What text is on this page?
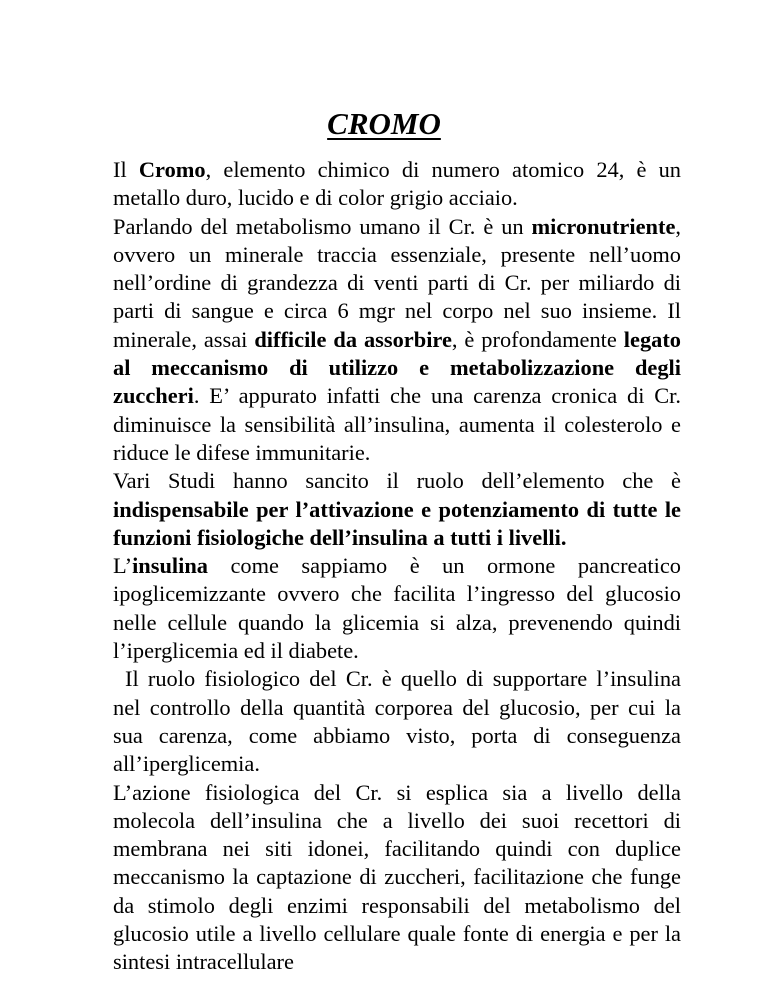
CROMO

Il Cromo, elemento chimico di numero atomico 24, è un metallo duro, lucido e di color grigio acciaio.

Parlando del metabolismo umano il Cr. è un micronutriente, ovvero un minerale traccia essenziale, presente nell’uomo nell’ordine di grandezza di venti parti di Cr. per miliardo di parti di sangue e circa 6 mgr nel corpo nel suo insieme. Il minerale, assai difficile da assorbire, è profondamente legato al meccanismo di utilizzo e metabolizzazione degli zuccheri. E’ appurato infatti che una carenza cronica di Cr. diminuisce la sensibilità all’insulina, aumenta il colesterolo e riduce le difese immunitarie.

Vari Studi hanno sancito il ruolo dell’elemento che è indispensabile per l’attivazione e potenziamento di tutte le funzioni fisiologiche dell’insulina a tutti i livelli.

L’insulina come sappiamo è un ormone pancreatico ipoglicemizzante ovvero che facilita l’ingresso del glucosio nelle cellule quando la glicemia si alza, prevenendo quindi l’iperglicemia ed il diabete.

Il ruolo fisiologico del Cr. è quello di supportare l’insulina nel controllo della quantità corporea del glucosio, per cui la sua carenza, come abbiamo visto, porta di conseguenza all’iperglicemia.

L’azione fisiologica del Cr. si esplica sia a livello della molecola dell’insulina che a livello dei suoi recettori di membrana nei siti idonei, facilitando quindi con duplice meccanismo la captazione di zuccheri, facilitazione che funge da stimolo degli enzimi responsabili del metabolismo del glucosio utile a livello cellulare quale fonte di energia e per la sintesi intracellulare
